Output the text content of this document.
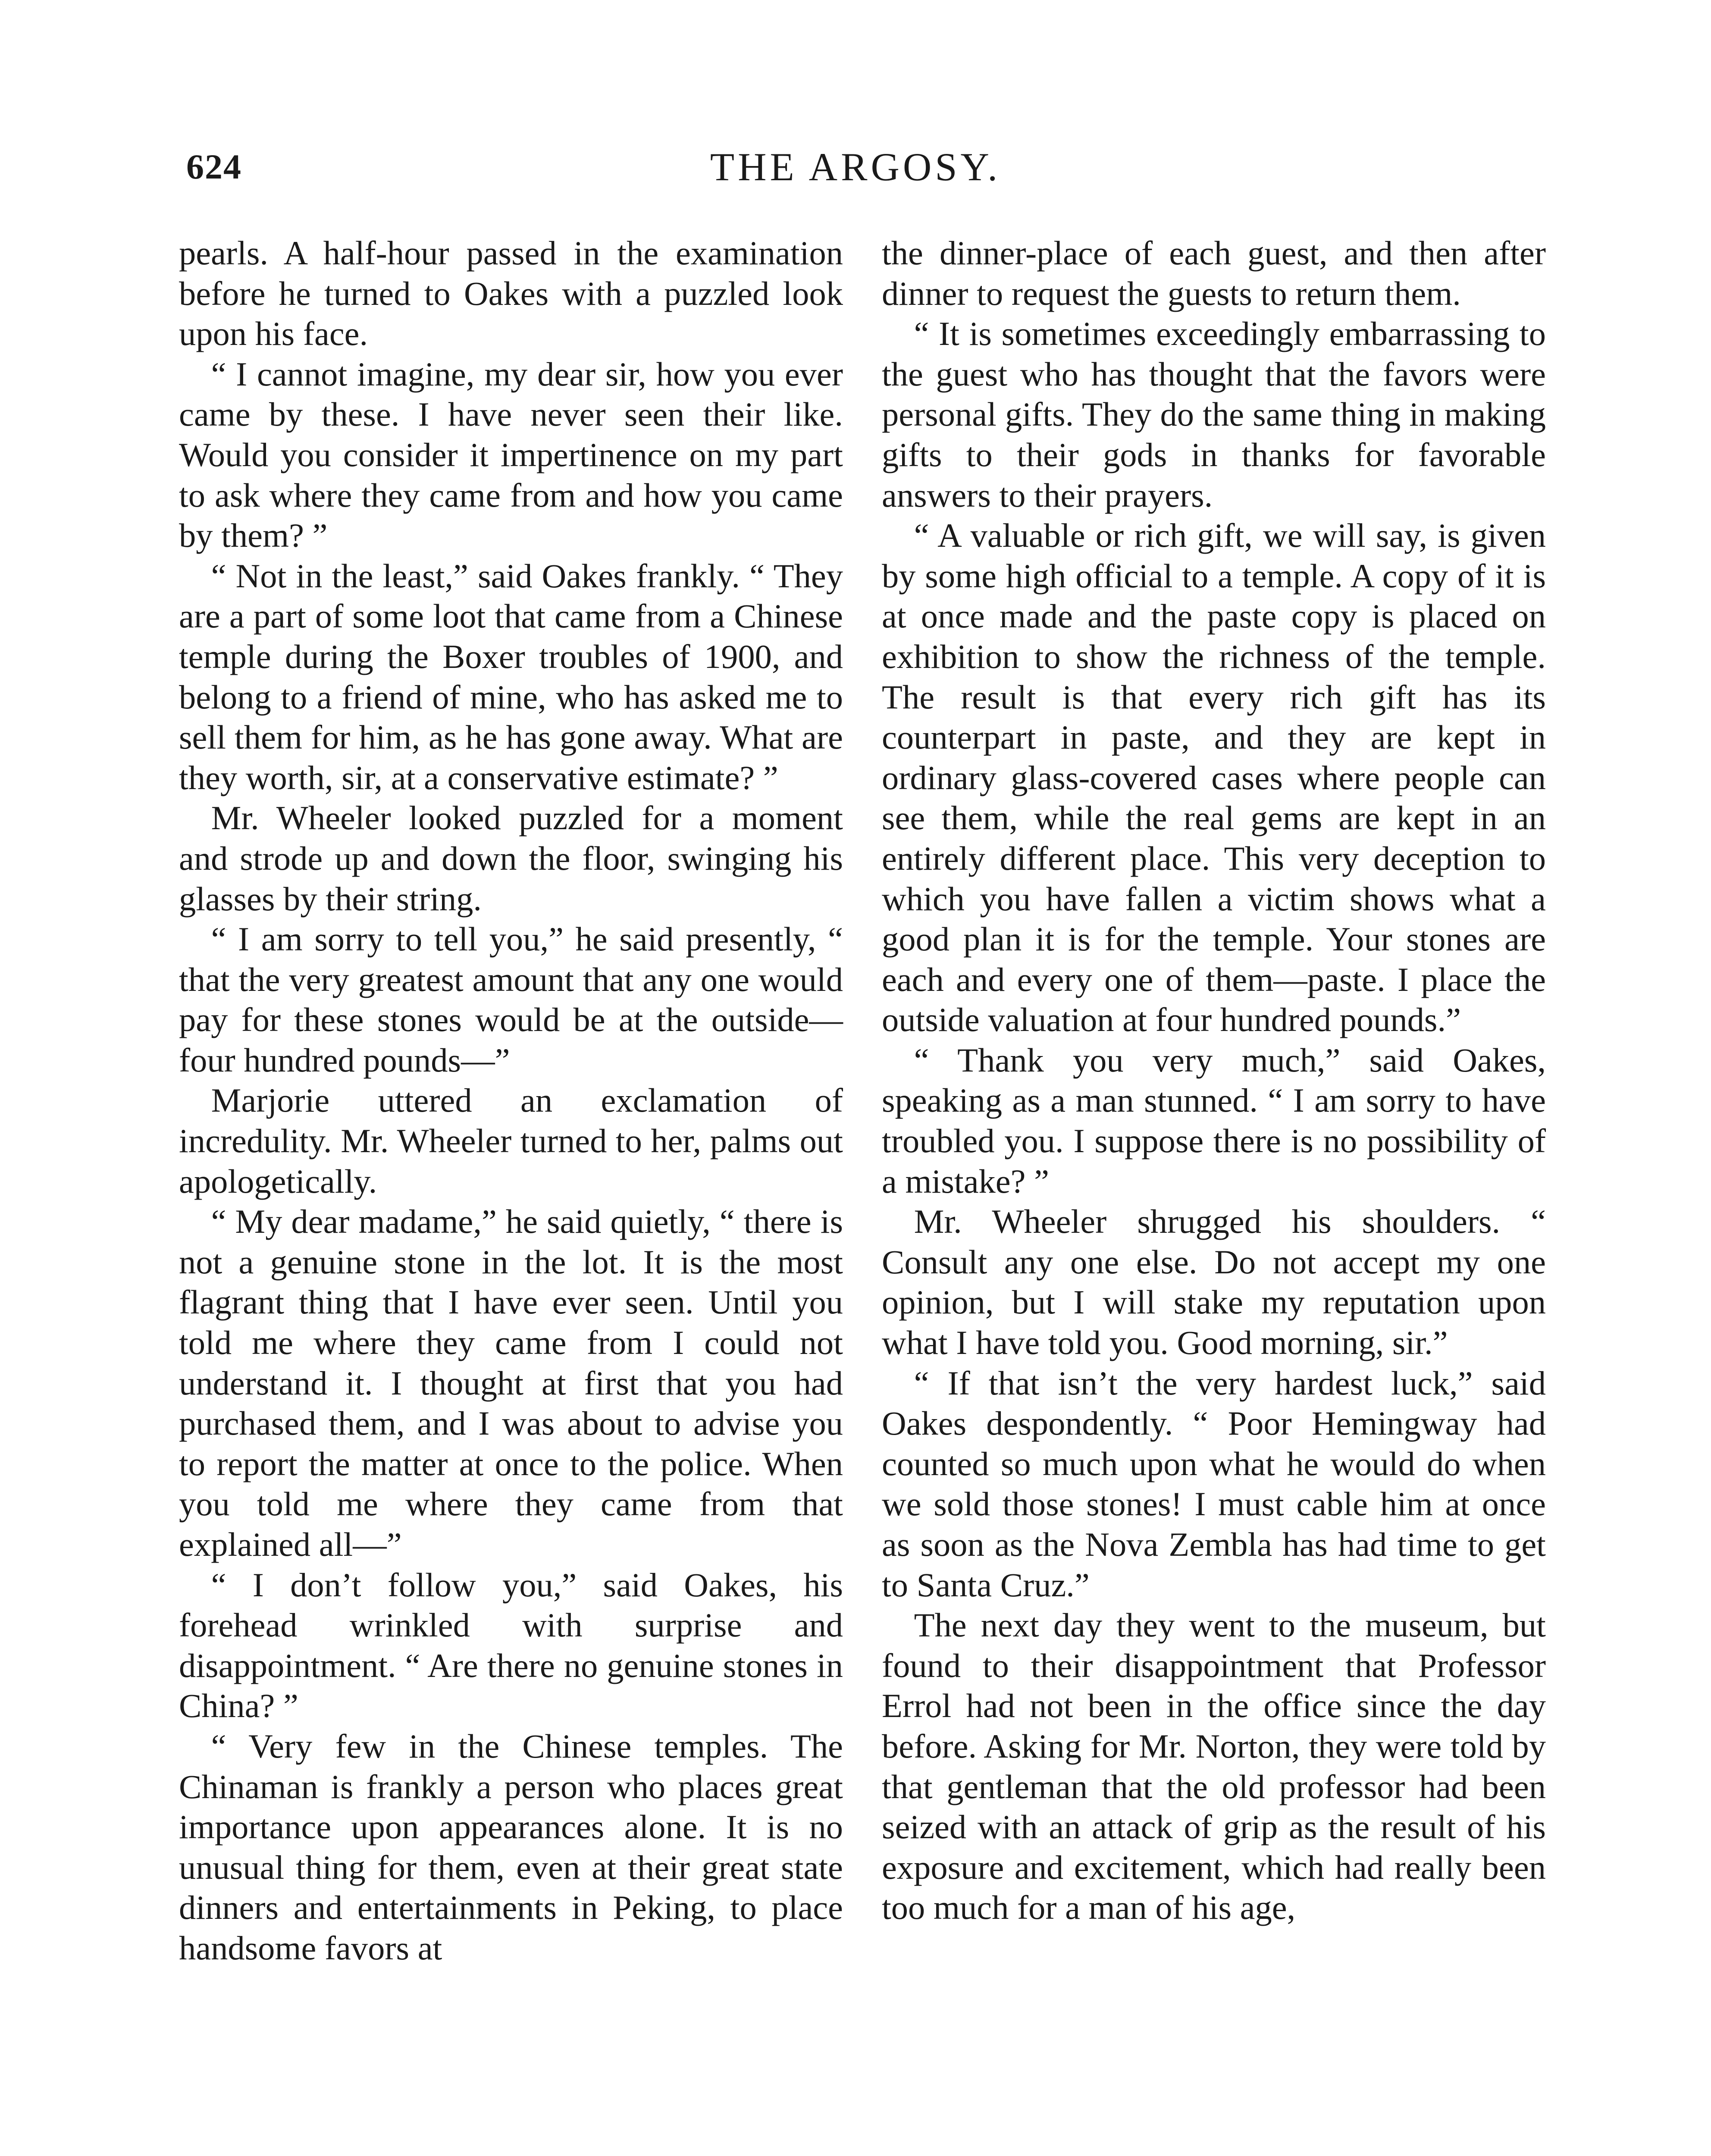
624	THE ARGOSY.

pearls. A half-hour passed in the examination before he turned to Oakes with a puzzled look upon his face.

“ I cannot imagine, my dear sir, how you ever came by these. I have never seen their like. Would you consider it impertinence on my part to ask where they came from and how you came by them? ”

“ Not in the least,” said Oakes frankly. “ They are a part of some loot that came from a Chinese temple during the Boxer troubles of 1900, and belong to a friend of mine, who has asked me to sell them for him, as he has gone away. What are they worth, sir, at a conservative estimate? ”

Mr. Wheeler looked puzzled for a moment and strode up and down the floor, swinging his glasses by their string.

“ I am sorry to tell you,” he said presently, “ that the very greatest amount that any one would pay for these stones would be at the outside—four hundred pounds—”

Marjorie uttered an exclamation of incredulity. Mr. Wheeler turned to her, palms out apologetically.

“ My dear madame,” he said quietly, “ there is not a genuine stone in the lot. It is the most flagrant thing that I have ever seen. Until you told me where they came from I could not understand it. I thought at first that you had purchased them, and I was about to advise you to report the matter at once to the police. When you told me where they came from that explained all—”

“ I don’t follow you,” said Oakes, his forehead wrinkled with surprise and disappointment. “ Are there no genuine stones in China? ”

“ Very few in the Chinese temples. The Chinaman is frankly a person who places great importance upon appearances alone. It is no unusual thing for them, even at their great state dinners and entertainments in Peking, to place handsome favors at

the dinner-place of each guest, and then after dinner to request the guests to return them.

“ It is sometimes exceedingly embarrassing to the guest who has thought that the favors were personal gifts. They do the same thing in making gifts to their gods in thanks for favorable answers to their prayers.

“ A valuable or rich gift, we will say, is given by some high official to a temple. A copy of it is at once made and the paste copy is placed on exhibition to show the richness of the temple. The result is that every rich gift has its counterpart in paste, and they are kept in ordinary glass-covered cases where people can see them, while the real gems are kept in an entirely different place. This very deception to which you have fallen a victim shows what a good plan it is for the temple. Your stones are each and every one of them—paste. I place the outside valuation at four hundred pounds.”

“ Thank you very much,” said Oakes, speaking as a man stunned. “ I am sorry to have troubled you. I suppose there is no possibility of a mistake? ”

Mr. Wheeler shrugged his shoulders. “ Consult any one else. Do not accept my one opinion, but I will stake my reputation upon what I have told you. Good morning, sir.”

“ If that isn’t the very hardest luck,” said Oakes despondently. “ Poor Hemingway had counted so much upon what he would do when we sold those stones! I must cable him at once as soon as the Nova Zembla has had time to get to Santa Cruz.”

The next day they went to the museum, but found to their disappointment that Professor Errol had not been in the office since the day before. Asking for Mr. Norton, they were told by that gentleman that the old professor had been seized with an attack of grip as the result of his exposure and excitement, which had really been too much for a man of his age,
